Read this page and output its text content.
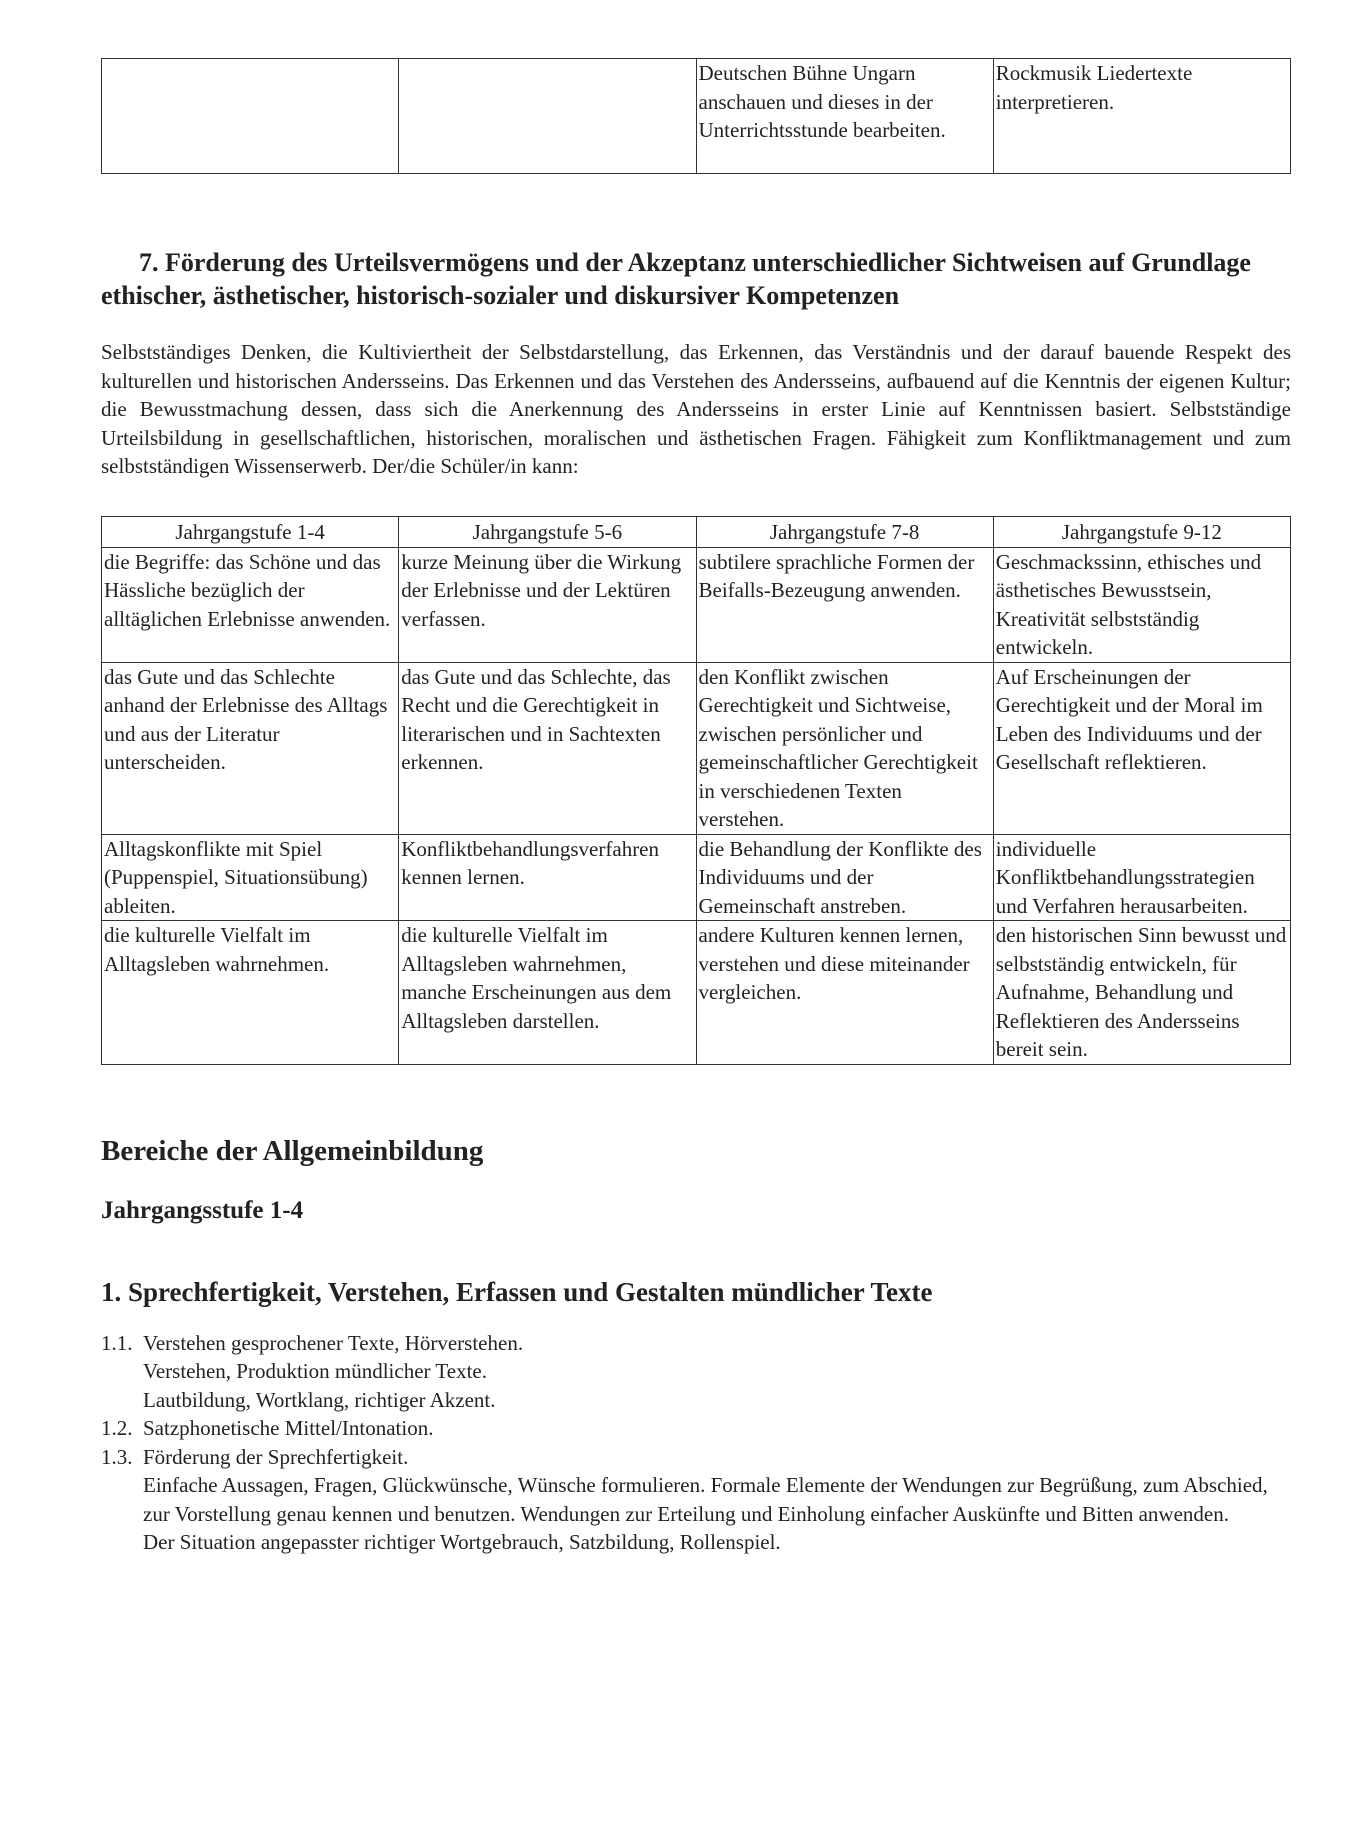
		Deutschen Bühne Ungarn anschauen und dieses in der Unterrichtsstunde bearbeiten.	Rockmusik Liedertexte interpretieren.
7. Förderung des Urteilsvermögens und der Akzeptanz unterschiedlicher Sichtweisen auf Grundlage ethischer, ästhetischer, historisch-sozialer und diskursiver Kompetenzen

Selbstständiges Denken, die Kultiviertheit der Selbstdarstellung, das Erkennen, das Verständnis und der darauf bauende Respekt des kulturellen und historischen Andersseins. Das Erkennen und das Verstehen des Andersseins, aufbauend auf die Kenntnis der eigenen Kultur; die Bewusstmachung dessen, dass sich die Anerkennung des Andersseins in erster Linie auf Kenntnissen basiert. Selbstständige Urteilsbildung in gesellschaftlichen, historischen, moralischen und ästhetischen Fragen. Fähigkeit zum Konfliktmanagement und zum selbstständigen Wissenserwerb. Der/die Schüler/in kann:

Jahrgangstufe 1-4	Jahrgangstufe 5-6	Jahrgangstufe 7-8	Jahrgangstufe 9-12
die Begriffe: das Schöne und das Hässliche bezüglich der alltäglichen Erlebnisse anwenden.	kurze Meinung über die Wirkung der Erlebnisse und der Lektüren verfassen.	subtilere sprachliche Formen der Beifalls-Bezeugung anwenden.	Geschmackssinn, ethisches und ästhetisches Bewusstsein, Kreativität selbstständig entwickeln.
das Gute und das Schlechte anhand der Erlebnisse des Alltags und aus der Literatur unterscheiden.	das Gute und das Schlechte, das Recht und die Gerechtigkeit in literarischen und in Sachtexten erkennen.	den Konflikt zwischen Gerechtigkeit und Sichtweise, zwischen persönlicher und gemeinschaftlicher Gerechtigkeit in verschiedenen Texten verstehen.	Auf Erscheinungen der Gerechtigkeit und der Moral im Leben des Individuums und der Gesellschaft reflektieren.
Alltagskonflikte mit Spiel (Puppenspiel, Situationsübung) ableiten.	Konfliktbehandlungsverfahren kennen lernen.	die Behandlung der Konflikte des Individuums und der Gemeinschaft anstreben.	individuelle Konfliktbehandlungsstrategien und Verfahren herausarbeiten.
die kulturelle Vielfalt im Alltagsleben wahrnehmen.	die kulturelle Vielfalt im Alltagsleben wahrnehmen, manche Erscheinungen aus dem Alltagsleben darstellen.	andere Kulturen kennen lernen, verstehen und diese miteinander vergleichen.	den historischen Sinn bewusst und selbstständig entwickeln, für Aufnahme, Behandlung und Reflektieren des Andersseins bereit sein.
Bereiche der Allgemeinbildung
Jahrgangsstufe 1-4
1. Sprechfertigkeit, Verstehen, Erfassen und Gestalten mündlicher Texte
1.1. Verstehen gesprochener Texte, Hörverstehen.
Verstehen, Produktion mündlicher Texte.
Lautbildung, Wortklang, richtiger Akzent.
1.2. Satzphonetische Mittel/Intonation.
1.3. Förderung der Sprechfertigkeit.
Einfache Aussagen, Fragen, Glückwünsche, Wünsche formulieren. Formale Elemente der Wendungen zur Begrüßung, zum Abschied, zur Vorstellung genau kennen und benutzen. Wendungen zur Erteilung und Einholung einfacher Auskünfte und Bitten anwenden.
Der Situation angepasster richtiger Wortgebrauch, Satzbildung, Rollenspiel.
